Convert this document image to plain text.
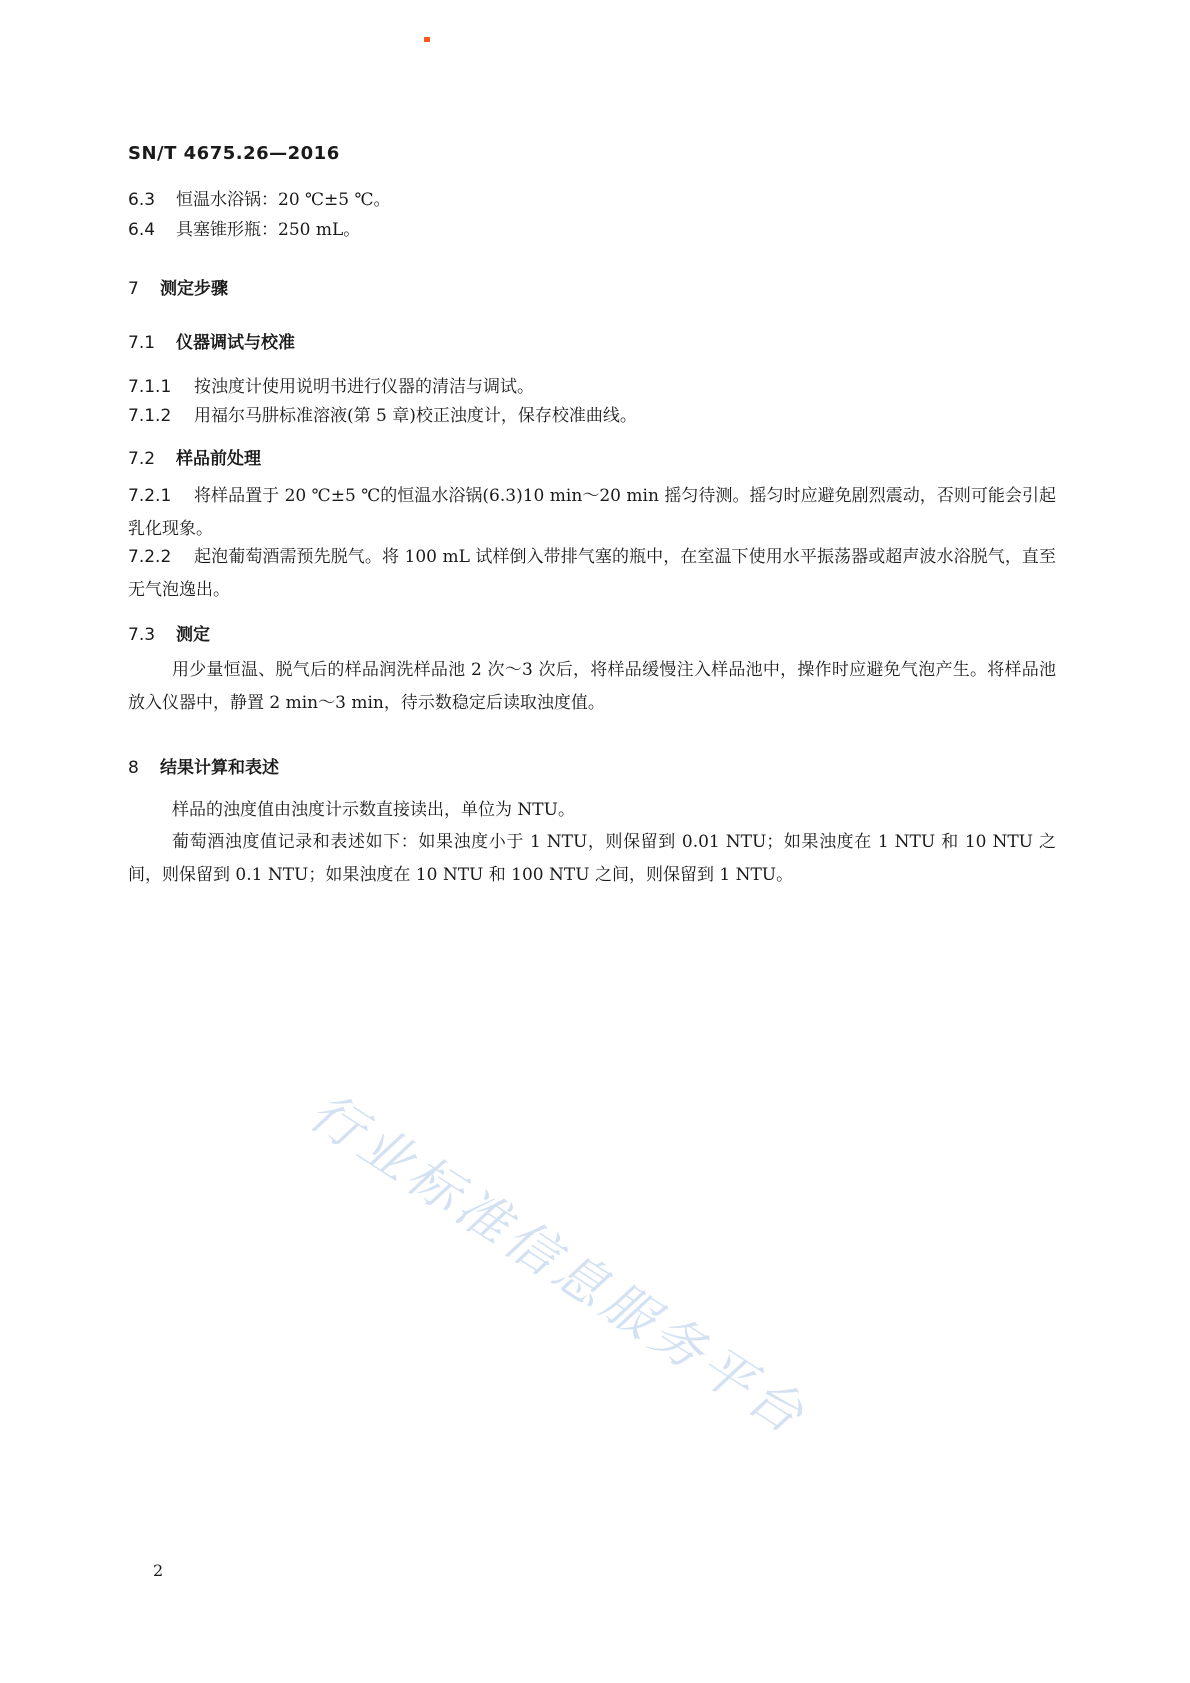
SN/T 4675.26—2016
6.3 恒温水浴锅：20 ℃±5 ℃。
6.4 具塞锥形瓶：250 mL。
7 测定步骤
7.1 仪器调试与校准
7.1.1 按浊度计使用说明书进行仪器的清洁与调试。
7.1.2 用福尔马肼标准溶液(第 5 章)校正浊度计，保存校准曲线。
7.2 样品前处理
7.2.1 将样品置于 20 ℃±5 ℃的恒温水浴锅(6.3)10 min～20 min 摇匀待测。摇匀时应避免剧烈震动，否则可能会引起乳化现象。
7.2.2 起泡葡萄酒需预先脱气。将 100 mL 试样倒入带排气塞的瓶中，在室温下使用水平振荡器或超声波水浴脱气，直至无气泡逸出。
7.3 测定
用少量恒温、脱气后的样品润洗样品池 2 次～3 次后，将样品缓慢注入样品池中，操作时应避免气泡产生。将样品池放入仪器中，静置 2 min～3 min，待示数稳定后读取浊度值。
8 结果计算和表述
样品的浊度值由浊度计示数直接读出，单位为 NTU。
葡萄酒浊度值记录和表述如下：如果浊度小于 1 NTU，则保留到 0.01 NTU；如果浊度在 1 NTU 和 10 NTU 之间，则保留到 0.1 NTU；如果浊度在 10 NTU 和 100 NTU 之间，则保留到 1 NTU。
行业标准信息服务平台
2
